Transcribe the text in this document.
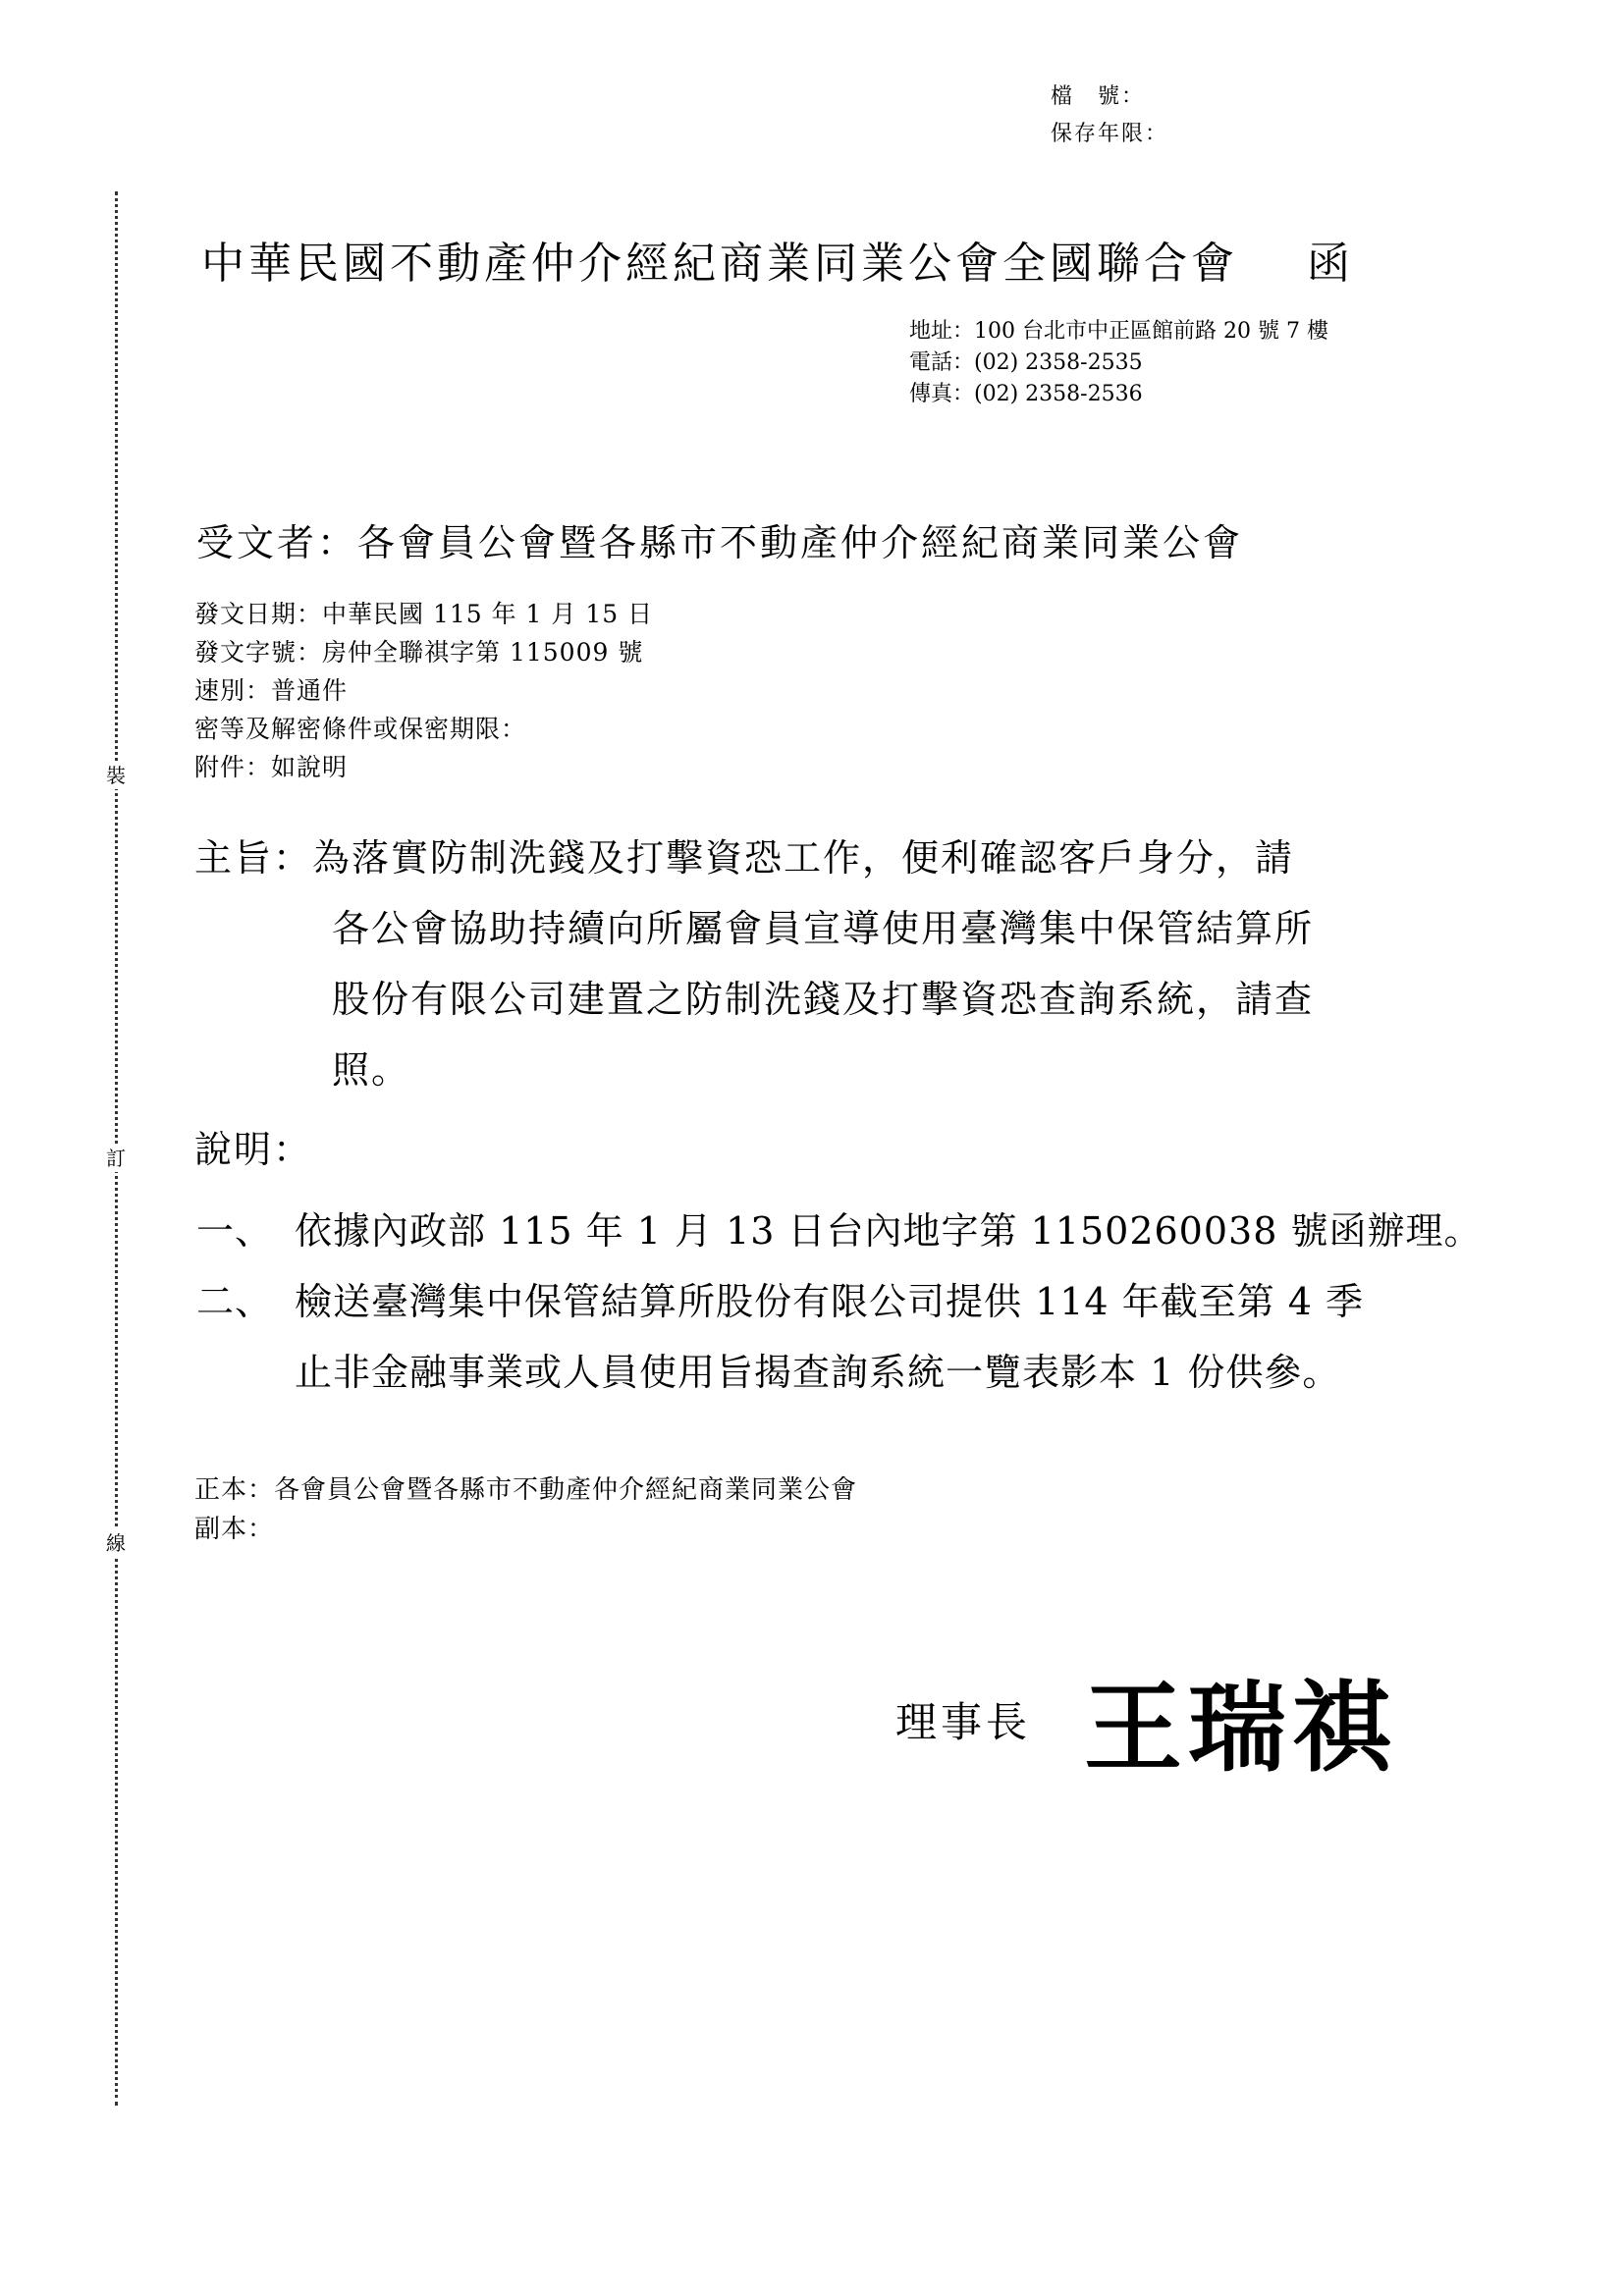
檔　號：
保存年限：
裝
訂
線
中華民國不動產仲介經紀商業同業公會全國聯合會 函
地址：100 台北市中正區館前路 20 號 7 樓
電話：(02) 2358-2535
傳真：(02) 2358-2536
受文者：各會員公會暨各縣市不動產仲介經紀商業同業公會
發文日期：中華民國 115 年 1 月 15 日
發文字號：房仲全聯祺字第 115009 號
速別：普通件
密等及解密條件或保密期限：
附件：如說明
主旨：為落實防制洗錢及打擊資恐工作，便利確認客戶身分，請
各公會協助持續向所屬會員宣導使用臺灣集中保管結算所
股份有限公司建置之防制洗錢及打擊資恐查詢系統，請查
照。
說明：
一、 依據內政部 115 年 1 月 13 日台內地字第 1150260038 號函辦理。
二、 檢送臺灣集中保管結算所股份有限公司提供 114 年截至第 4 季
止非金融事業或人員使用旨揭查詢系統一覽表影本 1 份供參。
正本：各會員公會暨各縣市不動產仲介經紀商業同業公會
副本：
理事長 王瑞祺
